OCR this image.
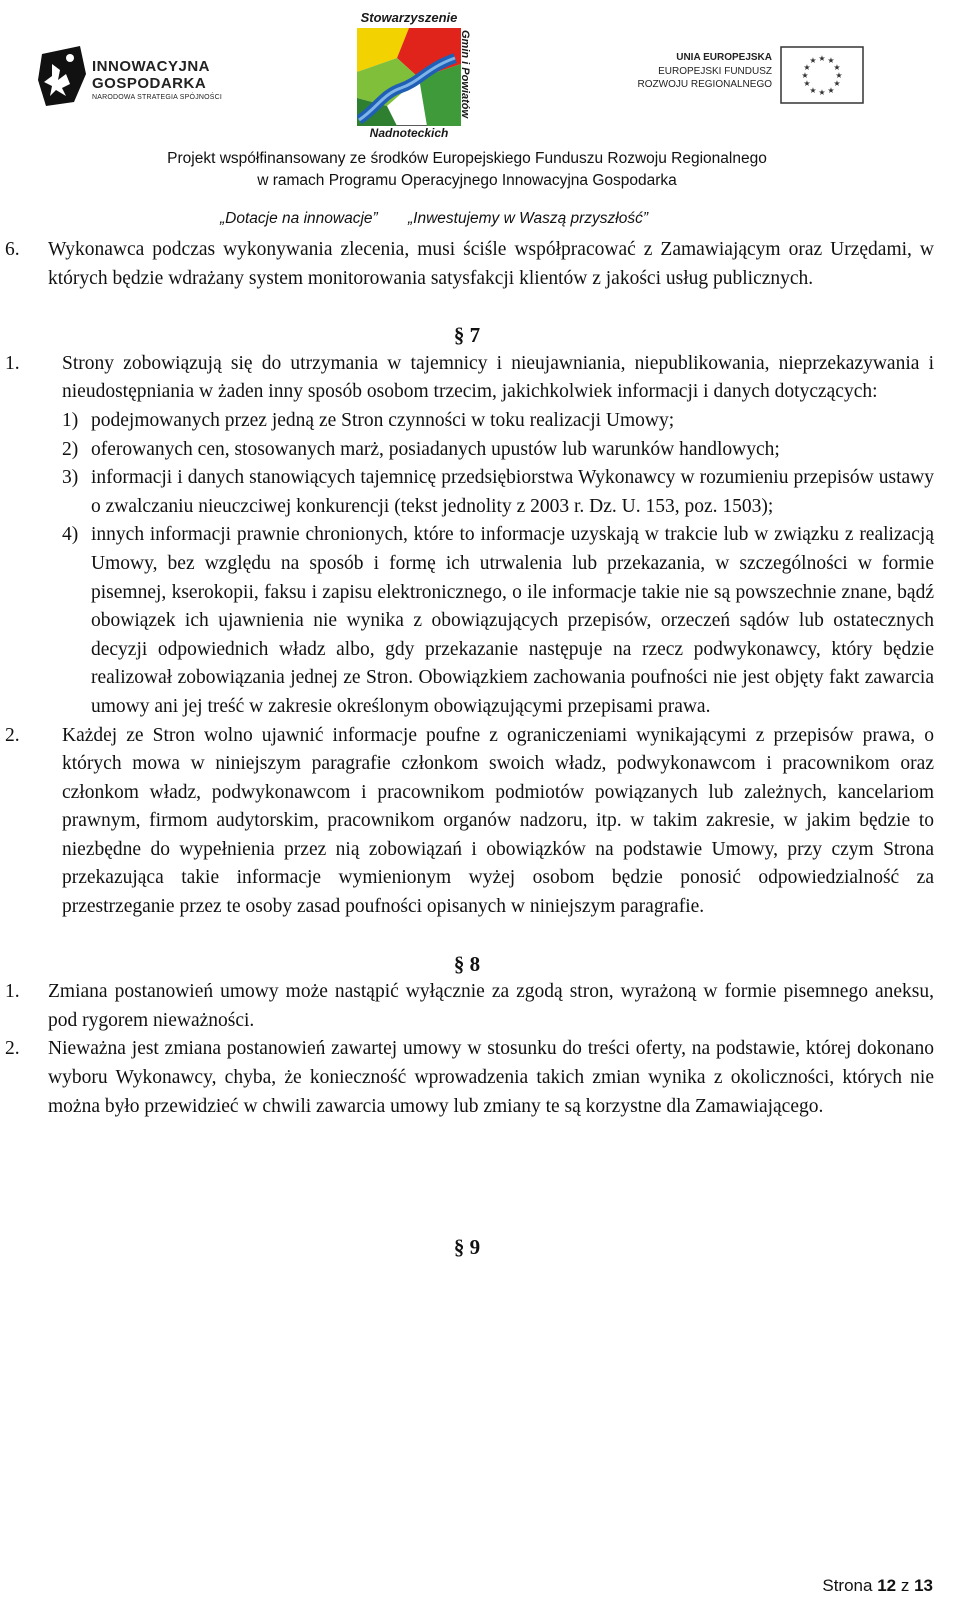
INNOWACYJNA
GOSPODARKA
NARODOWA STRATEGIA SPÓJNOŚCI
Stowarzyszenie
Gmin i Powiatów
Nadnoteckich
UNIA EUROPEJSKA
EUROPEJSKI FUNDUSZ
ROZWOJU REGIONALNEGO
★ ★
★
★
★
★
★
★
★
★
★
★
Projekt współfinansowany ze środków Europejskiego Funduszu Rozwoju Regionalnego
w ramach Programu Operacyjnego Innowacyjna Gospodarka
„Dotacje na innowacje” „Inwestujemy w Waszą przyszłość”
6. Wykonawca podczas wykonywania zlecenia, musi ściśle współpracować z Zamawiającym oraz Urzędami, w których będzie wdrażany system monitorowania satysfakcji klientów z jakości usług publicznych.
§ 7
1. Strony zobowiązują się do utrzymania w tajemnicy i nieujawniania, niepublikowania, nieprzekazywania i nieudostępniania w żaden inny sposób osobom trzecim, jakichkolwiek informacji i danych dotyczących:
1) podejmowanych przez jedną ze Stron czynności w toku realizacji Umowy;
2) oferowanych cen, stosowanych marż, posiadanych upustów lub warunków handlowych;
3) informacji i danych stanowiących tajemnicę przedsiębiorstwa Wykonawcy w rozumieniu przepisów ustawy o zwalczaniu nieuczciwej konkurencji (tekst jednolity z 2003 r. Dz. U. 153, poz. 1503);
4) innych informacji prawnie chronionych, które to informacje uzyskają w trakcie lub w związku z realizacją Umowy, bez względu na sposób i formę ich utrwalenia lub przekazania, w szczególności w formie pisemnej, kserokopii, faksu i zapisu elektronicznego, o ile informacje takie nie są powszechnie znane, bądź obowiązek ich ujawnienia nie wynika z obowiązujących przepisów, orzeczeń sądów lub ostatecznych decyzji odpowiednich władz albo, gdy przekazanie następuje na rzecz podwykonawcy, który będzie realizował zobowiązania jednej ze Stron. Obowiązkiem zachowania poufności nie jest objęty fakt zawarcia umowy ani jej treść w zakresie określonym obowiązującymi przepisami prawa.
2. Każdej ze Stron wolno ujawnić informacje poufne z ograniczeniami wynikającymi z przepisów prawa, o których mowa w niniejszym paragrafie członkom swoich władz, podwykonawcom i pracownikom oraz członkom władz, podwykonawcom i pracownikom podmiotów powiązanych lub zależnych, kancelariom prawnym, firmom audytorskim, pracownikom organów nadzoru, itp. w takim zakresie, w jakim będzie to niezbędne do wypełnienia przez nią zobowiązań i obowiązków na podstawie Umowy, przy czym Strona przekazująca takie informacje wymienionym wyżej osobom będzie ponosić odpowiedzialność za przestrzeganie przez te osoby zasad poufności opisanych w niniejszym paragrafie.
§ 8
1. Zmiana postanowień umowy może nastąpić wyłącznie za zgodą stron, wyrażoną w formie pisemnego aneksu, pod rygorem nieważności.
2. Nieważna jest zmiana postanowień zawartej umowy w stosunku do treści oferty, na podstawie, której dokonano wyboru Wykonawcy, chyba, że konieczność wprowadzenia takich zmian wynika z okoliczności, których nie można było przewidzieć w chwili zawarcia umowy lub zmiany te są korzystne dla Zamawiającego.
§ 9
Strona 12 z 13
